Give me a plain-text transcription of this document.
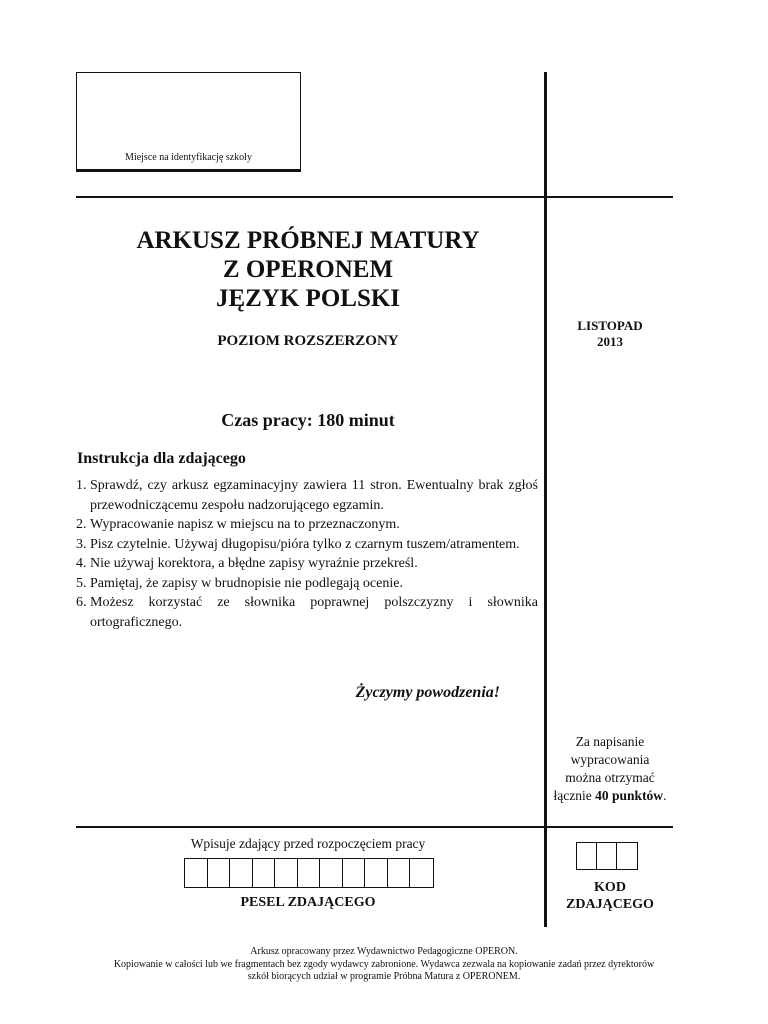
Miejsce na identyfikację szkoły
ARKUSZ PRÓBNEJ MATURY
Z OPERONEM
JĘZYK POLSKI
POZIOM ROZSZERZONY
LISTOPAD
2013
Czas pracy: 180 minut
Instrukcja dla zdającego
1. Sprawdź, czy arkusz egzaminacyjny zawiera 11 stron. Ewentualny brak zgłoś przewodniczącemu zespołu nadzorującego egzamin.
2. Wypracowanie napisz w miejscu na to przeznaczonym.
3. Pisz czytelnie. Używaj długopisu/pióra tylko z czarnym tuszem/atramentem.
4. Nie używaj korektora, a błędne zapisy wyraźnie przekreśl.
5. Pamiętaj, że zapisy w brudnopisie nie podlegają ocenie.
6. Możesz korzystać ze słownika poprawnej polszczyzny i słownika ortograficznego.
Życzymy powodzenia!
Za napisanie
wypracowania
można otrzymać
łącznie 40 punktów.
Wpisuje zdający przed rozpoczęciem pracy
PESEL ZDAJĄCEGO
KOD
ZDAJĄCEGO
Arkusz opracowany przez Wydawnictwo Pedagogiczne OPERON.
Kopiowanie w całości lub we fragmentach bez zgody wydawcy zabronione. Wydawca zezwala na kopiowanie zadań przez dyrektorów
szkół biorących udział w programie Próbna Matura z OPERONEM.
